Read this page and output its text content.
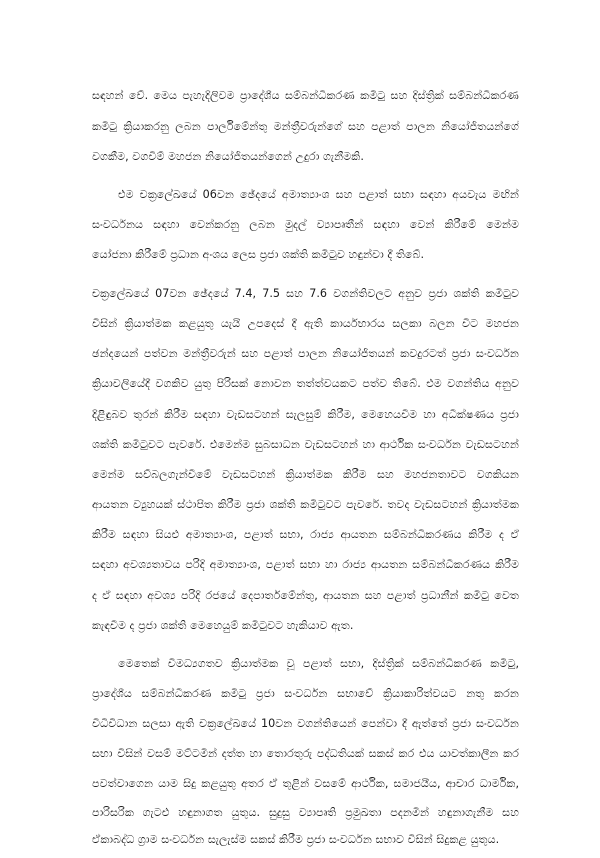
සඳහන් වේ. මෙය පැහැදිලිවම ප්‍රාදේශීය සම්බන්ධීකරණ කමිටු සහ දිස්ත්‍රික් සම්බන්ධීකරණ
කමිටු ක්‍රියාකරනු ලබන පාර්ලිමේන්තු මන්ත්‍රීවරුන්ගේ සහ පළාත් පාලන නියෝජිතයන්ගේ
වගකීම, වගවීම් මහජන නියෝජිතයන්ගෙන් උදුරා ගැනීමකි.
එම චක්‍රලේඛයේ 06වන ඡේදයේ අමාත්‍යාංශ සහ පළාත් සභා සඳහා අයවැය මඟින්
සංවර්ධනය සඳහා වෙන්කරනු ලබන මුදල් ව්‍යාපෘතීන් සඳහා වෙන් කිරීමේ මෙන්ම
යෝජනා කිරීමේ ප්‍රධාන අංශය ලෙස ප්‍රජා ශක්ති කමිටුව හඳුන්වා දී තිබේ.
චක්‍රලේඛයේ 07වන ඡේදයේ 7.4, 7.5 සහ 7.6 වගන්තිවලට අනුව ප්‍රජා ශක්ති කමිටුව
විසින් ක්‍රියාත්මක කළයුතු යැයි උපදෙස් දී ඇති කාර්යභාරය සලකා බලන විට මහජන
ඡන්දයෙන් පත්වන මන්ත්‍රීවරුන් සහ පළාත් පාලන නියෝජිතයන් කවදුරටත් ප්‍රජා සංවර්ධන
ක්‍රියාවලියේදී වගකිව යුතු පිරිසක් නොවන තත්ත්වයකට පත්ව තිබේ. එම වගන්තිය අනුව
දිළිඳුබව තුරන් කිරීම සඳහා වැඩසටහන් සැලසුම් කිරීම, මෙහෙයවීම හා අධීක්ෂණය ප්‍රජා
ශක්ති කමිටුවට පැවරේ. එමෙන්ම සුබසාධන වැඩසටහන් හා ආර්ථික සංවර්ධන වැඩසටහන්
මෙන්ම සව්බලගැන්වීමේ වැඩසටහන් ක්‍රියාත්මක කිරීම සහ මහජනතාවට වගකියන
ආයතන ව්‍යුහයක් ස්ථාපිත කිරීම ප්‍රජා ශක්ති කමිටුවට පැවරේ. තවද වැඩසටහන් ක්‍රියාත්මක
කිරීම සඳහා සියළු අමාත්‍යාංශ, පළාත් සභා, රාජ්‍ය ආයතන සම්බන්ධීකරණය කිරීම ද ඒ
සඳහා අවශ්‍යතාවය පරිදි අමාත්‍යාංශ, පළාත් සභා හා රාජ්‍ය ආයතන සම්බන්ධීකරණය කිරීම
ද ඒ සඳහා අවශ්‍ය පරිදි රජයේ දෙපාර්තමේන්තු, ආයතන සහ පළාත් ප්‍රධානීන් කමිටු වෙත
කැඳවීම ද ප්‍රජා ශක්ති මෙහෙයුම් කමිටුවට හැකියාව ඇත.
මෙතෙක් විමධ්‍යගතව ක්‍රියාත්මක වූ පළාත් සභා, දිස්ත්‍රික් සම්බන්ධීකරණ කමිටු,
ප්‍රාදේශීය සම්බන්ධීකරණ කමිටු ප්‍රජා සංවර්ධන සභාවේ ක්‍රියාකාරිත්වයට නතු කරන
විධිවිධාන සලසා ඇති චක්‍රලේඛයේ 10වන වගන්තියෙන් පෙන්වා දී ඇත්තේ ප්‍රජා සංවර්ධන
සභා විසින් වසම් මට්ටමින් දත්ත හා තොරතුරු පද්ධතියක් සකස් කර එය යාවත්කාලීන කර
පවත්වාගෙන යාම සිදු කළයුතු අතර ඒ තුළින් වසමේ ආර්ථික, සමාජයීය, ආචාර ධාර්මික,
පාරිසරික ගැටළු හඳුනාගත යුතුය. සුදුසු ව්‍යාපෘති ප්‍රමුඛතා පදනමින් හඳුනාගැනීම සහ
ඒකාබද්ධ ග්‍රාම සංවර්ධන සැලැස්ම සකස් කිරීම ප්‍රජා සංවර්ධන සභාව විසින් සිදුකළ යුතුය.
